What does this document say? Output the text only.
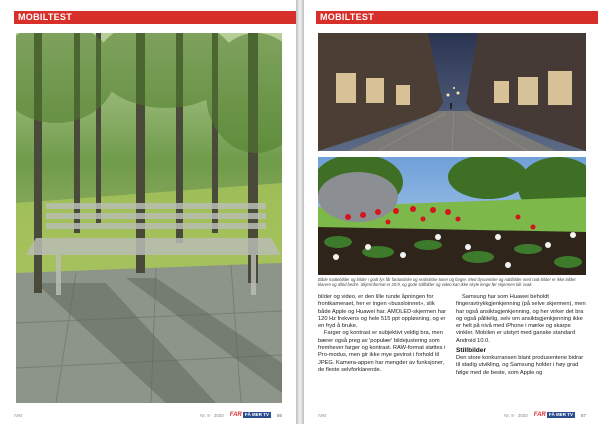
MOBILTEST
IVM	Nr. 9 · 2020 FAR FÅ MER TV	86
MOBILTEST
Både mattebilder og bilder i godt lys får fantastiske og realistiske toner og farger. Med dynamiske og nattbilder med natt-bilder er ikke bildet klarere og alltid bedre. Skjermformat er 20:9, og gode stillbilder og video kan ikke skyte lenge før skjermen blir svak.

bilder og video, er den lille runde åpningen for frontkameraet, her er ingen «bussloinnet», slik både Apple og Huawei har. AMOLED-skjermen har 120 Hz frekvens og hele 515 ppt oppløsning, og er en fryd å bruke.

Farger og kontrast er subjektivt veldig bra, men bærer også preg av 'populær' bildejustering som fremhever farger og kontrast. RAW-format støttes i Pro-modus, men gir ikke mye gevinst i forhold til JPEG. Kamera-appen har mengder av funksjoner, de fleste selvforklarende.

Samsung har som Huawei beholdt fingeravtrykkgjenkjenning (på selve skjermen), men har også ansiktsgjenkjenning, og her virker det bra og også pålitelig, selv om ansiktsgjenkjenning ikke er helt på nivå med iPhone i mørke og skarpe vinkler. Mobilen er utstyrt med ganske standard Android 10.0.

Stillbilder

Den store konkurransen blant produsentene bidrar til stadig utvikling, og Samsung holder i høy grad følge med de beste, som Apple og

IVM	Nr. 9 · 2020 FAR FÅ MER TV	87
